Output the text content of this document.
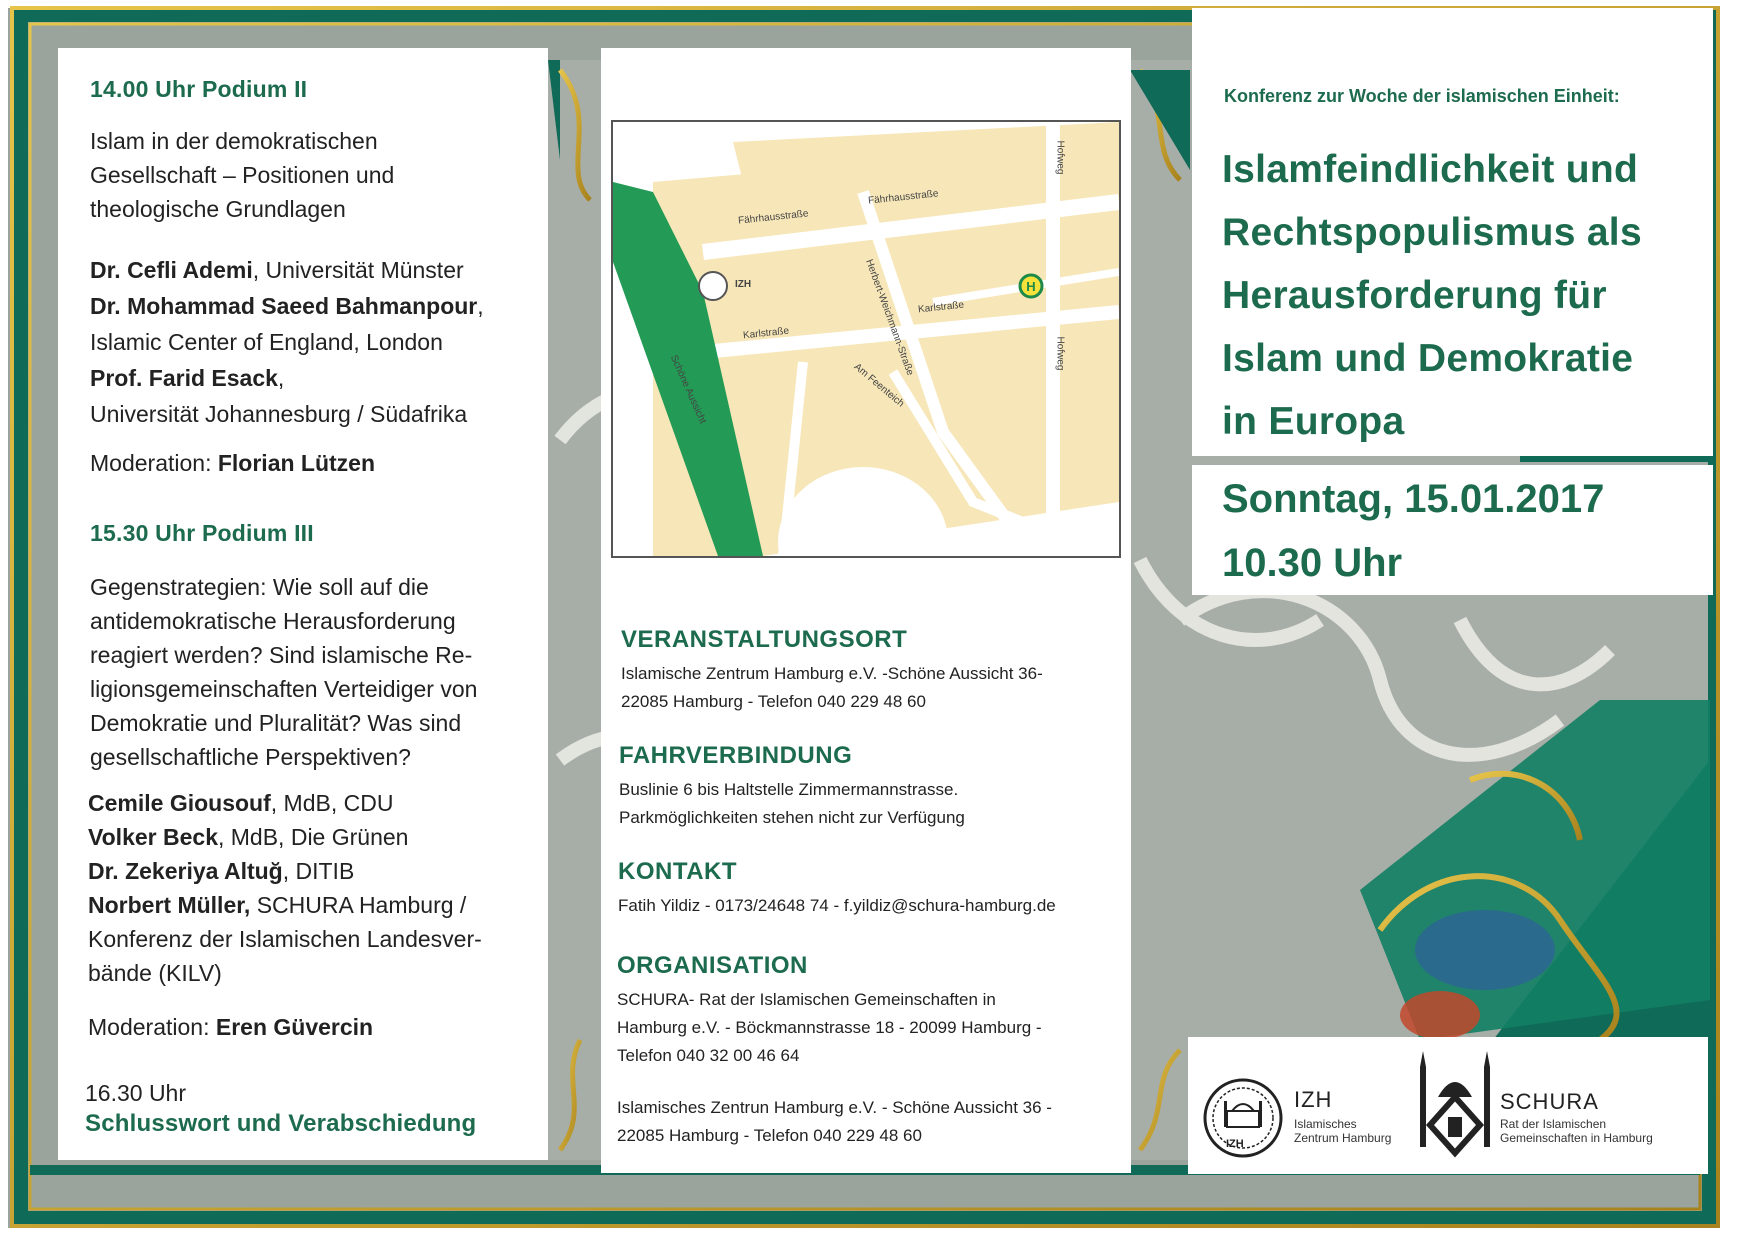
14.00 Uhr Podium II
Islam in der demokratischen
Gesellschaft – Positionen und
theologische Grundlagen
Dr. Cefli Ademi, Universität Münster
Dr. Mohammad Saeed Bahmanpour,
Islamic Center of England, London
Prof. Farid Esack,
Universität Johannesburg / Südafrika
Moderation: Florian Lützen
15.30 Uhr Podium III
Gegenstrategien: Wie soll auf die
antidemokratische Herausforderung
reagiert werden? Sind islamische Re-
ligionsgemeinschaften Verteidiger von
Demokratie und Pluralität? Was sind
gesellschaftliche Perspektiven?
Cemile Giousouf, MdB, CDU
Volker Beck, MdB, Die Grünen
Dr. Zekeriya Altuğ, DITIB
Norbert Müller, SCHURA Hamburg /
Konferenz der Islamischen Landesver-
bände (KILV)
Moderation: Eren Güvercin
16.30 Uhr
Schlusswort und Verabschiedung
H
Fährhausstraße
Fährhausstraße
Herbert-Weichmann-Straße
Karlstraße
Karlstraße
Schöne Aussicht	Am Feenteich
Hofweg
Hofweg
IZH
VERANSTALTUNGSORT
Islamische Zentrum Hamburg e.V. -Schöne Aussicht 36-
22085 Hamburg - Telefon 040 229 48 60
FAHRVERBINDUNG
Buslinie 6 bis Haltstelle Zimmermannstrasse.
Parkmöglichkeiten stehen nicht zur Verfügung
KONTAKT
Fatih Yildiz - 0173/24648 74 - f.yildiz@schura-hamburg.de
ORGANISATION
SCHURA- Rat der Islamischen Gemeinschaften in
Hamburg e.V. - Böckmannstrasse 18 - 20099 Hamburg -
Telefon 040 32 00 46 64
Islamisches Zentrun Hamburg e.V. - Schöne Aussicht 36 -
22085 Hamburg - Telefon 040 229 48 60
Konferenz zur Woche der islamischen Einheit:
Islamfeindlichkeit und
Rechtspopulismus als
Herausforderung für
Islam und Demokratie
in Europa
Sonntag, 15.01.2017
10.30 Uhr
IZH
IZH
Islamisches
Zentrum Hamburg
SCHURA
Rat der Islamischen
Gemeinschaften in Hamburg
